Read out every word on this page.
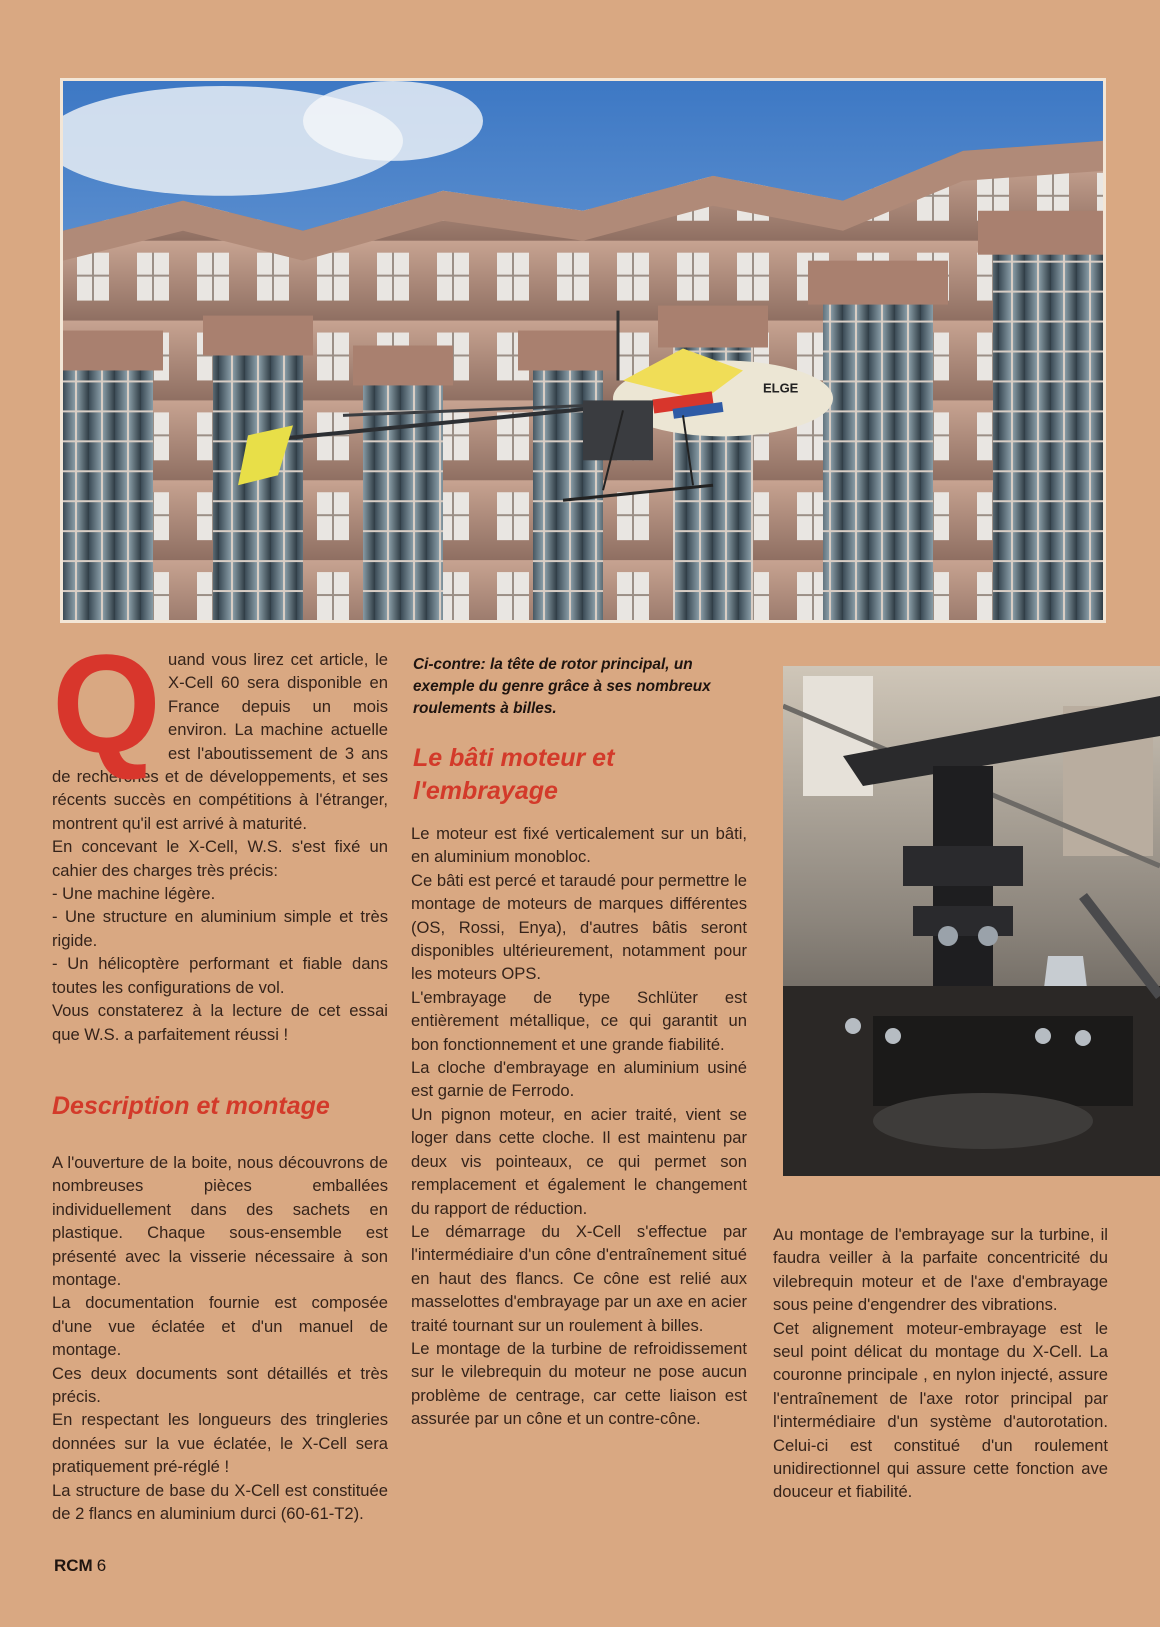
ELGE
Q uand vous lirez cet article, le X-Cell 60 sera disponible en France depuis un mois environ. La machine actuelle est l'aboutissement de 3 ans de recherches et de développements, et ses récents succès en compétitions à l'étranger, montrent qu'il est arrivé à maturité.

En concevant le X-Cell, W.S. s'est fixé un cahier des charges très précis:

- Une machine légère.

- Une structure en aluminium simple et très rigide.

- Un hélicoptère performant et fiable dans toutes les configurations de vol.

Vous constaterez à la lecture de cet essai que W.S. a parfaitement réussi !

Description et montage

A l'ouverture de la boite, nous découvrons de nombreuses pièces emballées individuellement dans des sachets en plastique. Chaque sous-ensemble est présenté avec la visserie nécessaire à son montage.

La documentation fournie est composée d'une vue éclatée et d'un manuel de montage.

Ces deux documents sont détaillés et très précis.

En respectant les longueurs des tringleries données sur la vue éclatée, le X-Cell sera pratiquement pré-réglé !

La structure de base du X-Cell est constituée de 2 flancs en aluminium durci (60-61-T2).

Ci-contre: la tête de rotor principal, un exemple du genre grâce à ses nombreux roulements à billes.
Le bâti moteur et l'embrayage

Le moteur est fixé verticalement sur un bâti, en aluminium monobloc.

Ce bâti est percé et taraudé pour permettre le montage de moteurs de marques différentes (OS, Rossi, Enya), d'autres bâtis seront disponibles ultérieurement, notamment pour les moteurs OPS.

L'embrayage de type Schlüter est entièrement métallique, ce qui garantit un bon fonctionnement et une grande fiabilité.

La cloche d'embrayage en aluminium usiné est garnie de Ferrodo.

Un pignon moteur, en acier traité, vient se loger dans cette cloche. Il est maintenu par deux vis pointeaux, ce qui permet son remplacement et également le changement du rapport de réduction.

Le démarrage du X-Cell s'effectue par l'intermédiaire d'un cône d'entraînement situé en haut des flancs. Ce cône est relié aux masselottes d'embrayage par un axe en acier traité tournant sur un roulement à billes.

Le montage de la turbine de refroidissement sur le vilebrequin du moteur ne pose aucun problème de centrage, car cette liaison est assurée par un cône et un contre-cône.

Au montage de l'embrayage sur la turbine, il faudra veiller à la parfaite concentricité du vilebrequin moteur et de l'axe d'embrayage sous peine d'engendrer des vibrations.

Cet alignement moteur-embrayage est le seul point délicat du montage du X-Cell. La couronne principale , en nylon injecté, assure l'entraînement de l'axe rotor principal par l'intermédiaire d'un système d'autorotation. Celui-ci est constitué d'un roulement unidirectionnel qui assure cette fonction ave douceur et fiabilité.

RCM 6
